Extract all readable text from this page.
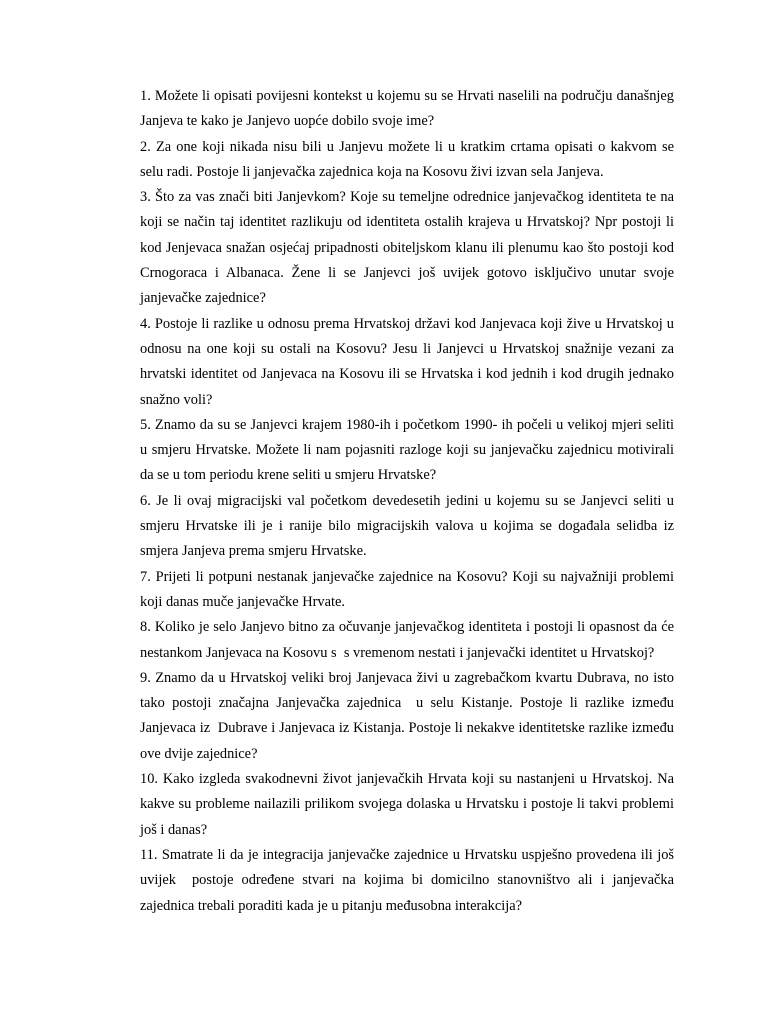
1. Možete li opisati povijesni kontekst u kojemu su se Hrvati naselili na području današnjeg Janjeva te kako je Janjevo uopće dobilo svoje ime?

2. Za one koji nikada nisu bili u Janjevu možete li u kratkim crtama opisati o kakvom se selu radi. Postoje li janjevačka zajednica koja na Kosovu živi izvan sela Janjeva.

3. Što za vas znači biti Janjevkom? Koje su temeljne odrednice janjevačkog identiteta te na koji se način taj identitet razlikuju od identiteta ostalih krajeva u Hrvatskoj? Npr postoji li kod Jenjevaca snažan osjećaj pripadnosti obiteljskom klanu ili plenumu kao što postoji kod Crnogoraca i Albanaca. Žene li se Janjevci još uvijek gotovo isključivo unutar svoje janjevačke zajednice?

4. Postoje li razlike u odnosu prema Hrvatskoj državi kod Janjevaca koji žive u Hrvatskoj u odnosu na one koji su ostali na Kosovu? Jesu li Janjevci u Hrvatskoj snažnije vezani za hrvatski identitet od Janjevaca na Kosovu ili se Hrvatska i kod jednih i kod drugih jednako snažno voli?

5. Znamo da su se Janjevci krajem 1980-ih i početkom 1990- ih počeli u velikoj mjeri seliti u smjeru Hrvatske. Možete li nam pojasniti razloge koji su janjevačku zajednicu motivirali da se u tom periodu krene seliti u smjeru Hrvatske?

6. Je li ovaj migracijski val početkom devedesetih jedini u kojemu su se Janjevci seliti u smjeru Hrvatske ili je i ranije bilo migracijskih valova u kojima se događala selidba iz smjera Janjeva prema smjeru Hrvatske.

7. Prijeti li potpuni nestanak janjevačke zajednice na Kosovu? Koji su najvažniji problemi koji danas muče janjevačke Hrvate.

8. Koliko je selo Janjevo bitno za očuvanje janjevačkog identiteta i postoji li opasnost da će nestankom Janjevaca na Kosovu s  s vremenom nestati i janjevački identitet u Hrvatskoj?

9. Znamo da u Hrvatskoj veliki broj Janjevaca živi u zagrebačkom kvartu Dubrava, no isto tako postoji značajna Janjevačka zajednica  u selu Kistanje. Postoje li razlike između Janjevaca iz  Dubrave i Janjevaca iz Kistanja. Postoje li nekakve identitetske razlike između ove dvije zajednice?

10. Kako izgleda svakodnevni život janjevačkih Hrvata koji su nastanjeni u Hrvatskoj. Na kakve su probleme nailazili prilikom svojega dolaska u Hrvatsku i postoje li takvi problemi još i danas?

11. Smatrate li da je integracija janjevačke zajednice u Hrvatsku uspješno provedena ili još uvijek  postoje određene stvari na kojima bi domicilno stanovništvo ali i janjevačka zajednica trebali poraditi kada je u pitanju međusobna interakcija?
